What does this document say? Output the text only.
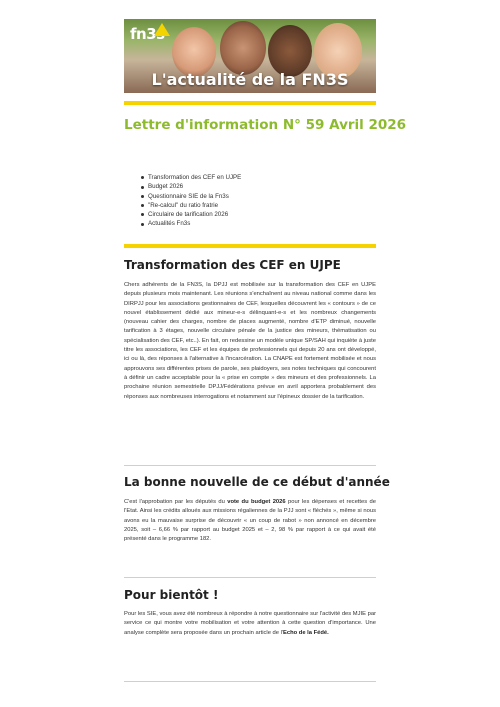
fn3s
L'actualité de la FN3S
Lettre d'information N° 59 Avril 2026
Transformation des CEF en UJPE
Budget 2026
Questionnaire SIE de la Fn3s
"Re-calcul" du ratio fratrie
Circulaire de tarification 2026
Actualités Fn3s
Transformation des CEF en UJPE
Chers adhérents de la FN3S, la DPJJ est mobilisée sur la transformation des CEF en UJPE depuis plusieurs mois maintenant. Les réunions s'enchaînent au niveau national comme dans les DIRPJJ pour les associations gestionnaires de CEF, lesquelles découvrent les « contours » de ce nouvel établissement dédié aux mineur-e-s délinquant-e-s et les nombreux changements (nouveau cahier des charges, nombre de places augmenté, nombre d'ETP diminué, nouvelle tarification à 3 étages, nouvelle circulaire pénale de la justice des mineurs, thématisation ou spécialisation des CEF, etc..). En fait, on redessine un modèle unique SP/SAH qui inquiète à juste titre les associations, les CEF et les équipes de professionnels qui depuis 20 ans ont développé, ici ou là, des réponses à l'alternative à l'incarcération. La CNAPE est fortement mobilisée et nous approuvons ses différentes prises de parole, ses plaidoyers, ses notes techniques qui concourent à définir un cadre acceptable pour la « prise en compte » des mineurs et des professionnels. La prochaine réunion semestrielle DPJJ/Fédérations prévue en avril apportera probablement des réponses aux nombreuses interrogations et notamment sur l'épineux dossier de la tarification.
La bonne nouvelle de ce début d'année
C'est l'approbation par les députés du vote du budget 2026 pour les dépenses et recettes de l'Etat. Ainsi les crédits alloués aux missions régaliennes de la PJJ sont « fléchés », même si nous avons eu la mauvaise surprise de découvrir « un coup de rabot » non annoncé en décembre 2025, soit – 6,66 % par rapport au budget 2025 et – 2, 98 % par rapport à ce qui avait été présenté dans le programme 182.
Pour bientôt !
Pour les SIE, vous avez été nombreux à répondre à notre questionnaire sur l'activité des MJIE par service ce qui montre votre mobilisation et votre attention à cette question d'importance. Une analyse complète sera proposée dans un prochain article de l'Echo de la Fédé.
